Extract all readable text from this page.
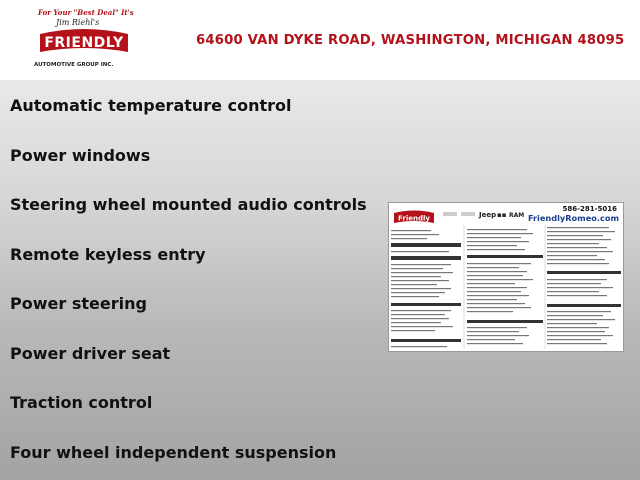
For Your "Best Deal" It's
Jim Riehl's
FRIENDLY
AUTOMOTIVE GROUP INC.
64600 VAN DYKE ROAD, WASHINGTON, MICHIGAN 48095
Automatic temperature control
Power windows
Steering wheel mounted audio controls
Remote keyless entry
Power steering
Power driver seat
Traction control
Four wheel independent suspension
Friendly	Jeep ▪▪ RAM
586-281-5016
FriendlyRomeo.com
